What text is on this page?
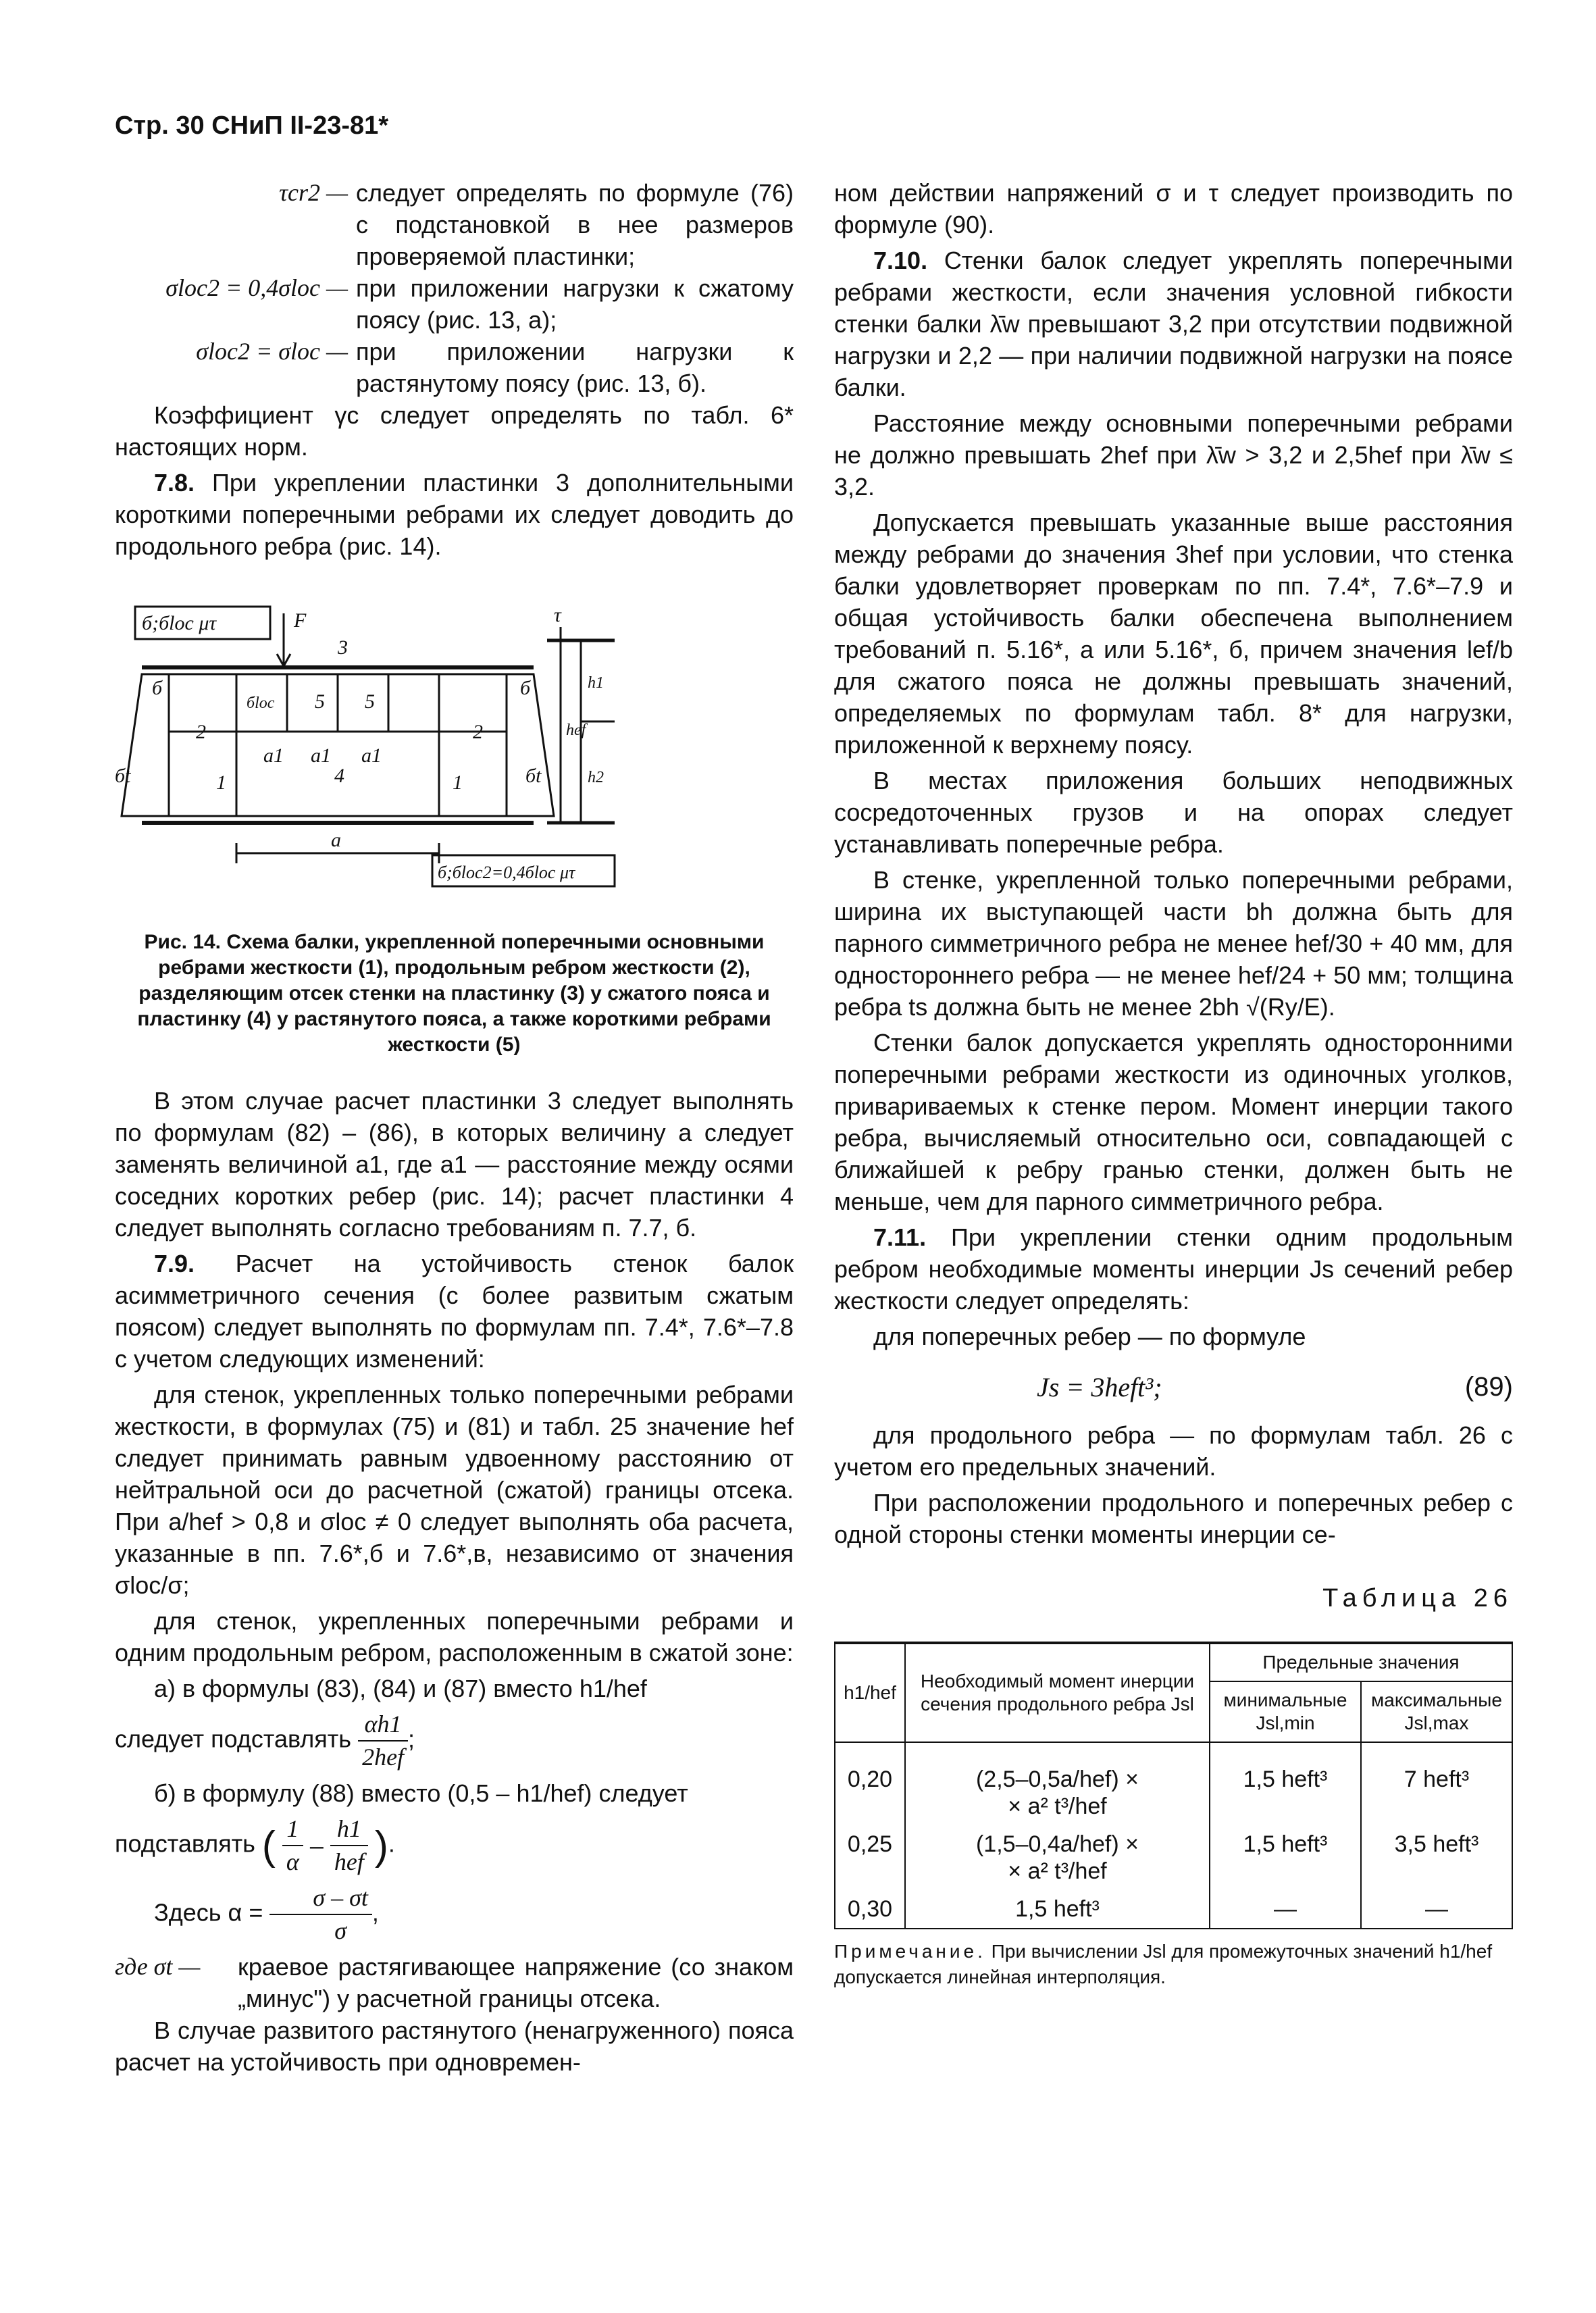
Стр. 30 СНиП II-23-81*
τcr2 — следует определять по формуле (76) с подстановкой в нее размеров проверяемой пластинки;
σloc2 = 0,4σloc — при приложении нагрузки к сжатому поясу (рис. 13, а);
σloc2 = σloc — при приложении нагрузки к растянутому поясу (рис. 13, б).

Коэффициент γc следует определять по табл. 6* настоящих норм.

7.8. При укреплении пластинки 3 дополнительными короткими поперечными ребрами их следует доводить до продольного ребра (рис. 14).

б;бloc μτ
б;бloc2=0,4бloc μτ
F
5 5
3
4
a1 a1 a1
a
1	1
2	2
б	б
бt	бt
бloc
τ
h1
h2
hef
Рис. 14. Схема балки, укрепленной поперечными основными ребрами жесткости (1), продольным ребром жесткости (2), разделяющим отсек стенки на пластинку (3) у сжатого пояса и пластинку (4) у растянутого пояса, а также короткими ребрами жесткости (5)

В этом случае расчет пластинки 3 следует выполнять по формулам (82) – (86), в которых величину a следует заменять величиной a1, где a1 — расстояние между осями соседних коротких ребер (рис. 14); расчет пластинки 4 следует выполнять согласно требованиям п. 7.7, б.

7.9. Расчет на устойчивость стенок балок асимметричного сечения (с более развитым сжатым поясом) следует выполнять по формулам пп. 7.4*, 7.6*–7.8 с учетом следующих изменений:

для стенок, укрепленных только поперечными ребрами жесткости, в формулах (75) и (81) и табл. 25 значение hef следует принимать равным удвоенному расстоянию от нейтральной оси до расчетной (сжатой) границы отсека. При a/hef > 0,8 и σloc ≠ 0 следует выполнять оба расчета, указанные в пп. 7.6*,б и 7.6*,в, независимо от значения σloc/σ;

для стенок, укрепленных поперечными ребрами и одним продольным ребром, расположенным в сжатой зоне:

а) в формулы (83), (84) и (87) вместо h1/hef

следует подставлять $\frac{\alpha h1}{\text{2hef}}$ ;

б) в формулу (88) вместо (0,5 – h1/hef) следует

подставлять ( $\frac{1}{\alpha} - \frac{h1}{\text{hef}}$ ).

Здесь $\alpha = \frac{\sigma - \sigma t}{\sigma}$ ,

где σt —	краевое растягивающее напряжение (со знаком „минус") у расчетной границы отсека.

В случае развитого растянутого (ненагруженного) пояса расчет на устойчивость при одновремен-

ном действии напряжений σ и τ следует производить по формуле (90).

7.10. Стенки балок следует укреплять поперечными ребрами жесткости, если значения условной гибкости стенки балки λ̄w превышают 3,2 при отсутствии подвижной нагрузки и 2,2 — при наличии подвижной нагрузки на поясе балки.

Расстояние между основными поперечными ребрами не должно превышать 2hef при λ̄w > 3,2 и 2,5hef при λ̄w ≤ 3,2.

Допускается превышать указанные выше расстояния между ребрами до значения 3hef при условии, что стенка балки удовлетворяет проверкам по пп. 7.4*, 7.6*–7.9 и общая устойчивость балки обеспечена выполнением требований п. 5.16*, а или 5.16*, б, причем значения lef/b для сжатого пояса не должны превышать значений, определяемых по формулам табл. 8* для нагрузки, приложенной к верхнему поясу.

В местах приложения больших неподвижных сосредоточенных грузов и на опорах следует устанавливать поперечные ребра.

В стенке, укрепленной только поперечными ребрами, ширина их выступающей части bh должна быть для парного симметричного ребра не менее hef/30 + 40 мм, для одностороннего ребра — не менее hef/24 + 50 мм; толщина ребра ts должна быть не менее 2bh √(Ry/E).

Стенки балок допускается укреплять односторонними поперечными ребрами жесткости из одиночных уголков, привариваемых к стенке пером. Момент инерции такого ребра, вычисляемый относительно оси, совпадающей с ближайшей к ребру гранью стенки, должен быть не меньше, чем для парного симметричного ребра.

7.11. При укреплении стенки одним продольным ребром необходимые моменты инерции Js сечений ребер жесткости следует определять:

для поперечных ребер — по формуле

Js = 3heft³;	(89)

для продольного ребра — по формулам табл. 26 с учетом его предельных значений.

При расположении продольного и поперечных ребер с одной стороны стенки моменты инерции се-

Таблица 26
h1/hef	Необходимый момент инерции сечения продольного ребра Jsl	Предельные значения	
		минимальные Jsl,min	максимальные Jsl,max
0,20	(2,5–0,5a/hef) ×
× a² t³/hef	1,5 heft³	7 heft³
0,25	(1,5–0,4a/hef) ×
× a² t³/hef	1,5 heft³	3,5 heft³
0,30	1,5 heft³	—	—
Примечание. При вычислении Jsl для промежуточных значений h1/hef допускается линейная интерполяция.
